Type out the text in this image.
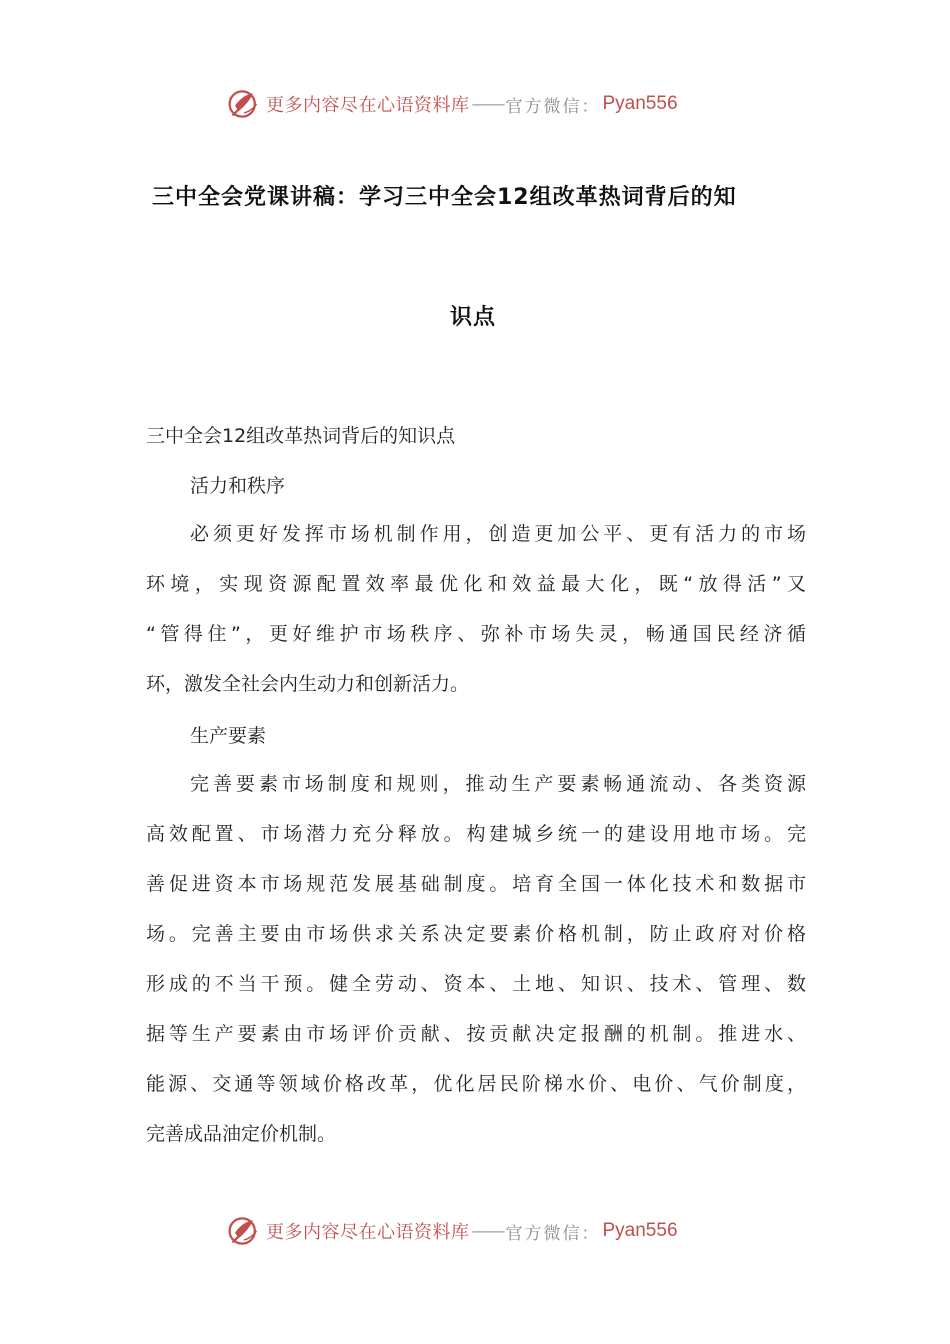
更多内容尽在心语资料库 —— 官方微信： Pyan556
三中全会党课讲稿：学习三中全会12组改革热词背后的知
识点
三中全会12组改革热词背后的知识点
活力和秩序
必须更好发挥市场机制作用，创造更加公平、更有活力的市场
环境，实现资源配置效率最优化和效益最大化，既“放得活”又
“管得住”，更好维护市场秩序、弥补市场失灵，畅通国民经济循
环，激发全社会内生动力和创新活力。
生产要素
完善要素市场制度和规则，推动生产要素畅通流动、各类资源
高效配置、市场潜力充分释放。构建城乡统一的建设用地市场。完
善促进资本市场规范发展基础制度。培育全国一体化技术和数据市
场。完善主要由市场供求关系决定要素价格机制，防止政府对价格
形成的不当干预。健全劳动、资本、土地、知识、技术、管理、数
据等生产要素由市场评价贡献、按贡献决定报酬的机制。推进水、
能源、交通等领域价格改革，优化居民阶梯水价、电价、气价制度，
完善成品油定价机制。
更多内容尽在心语资料库 —— 官方微信： Pyan556
